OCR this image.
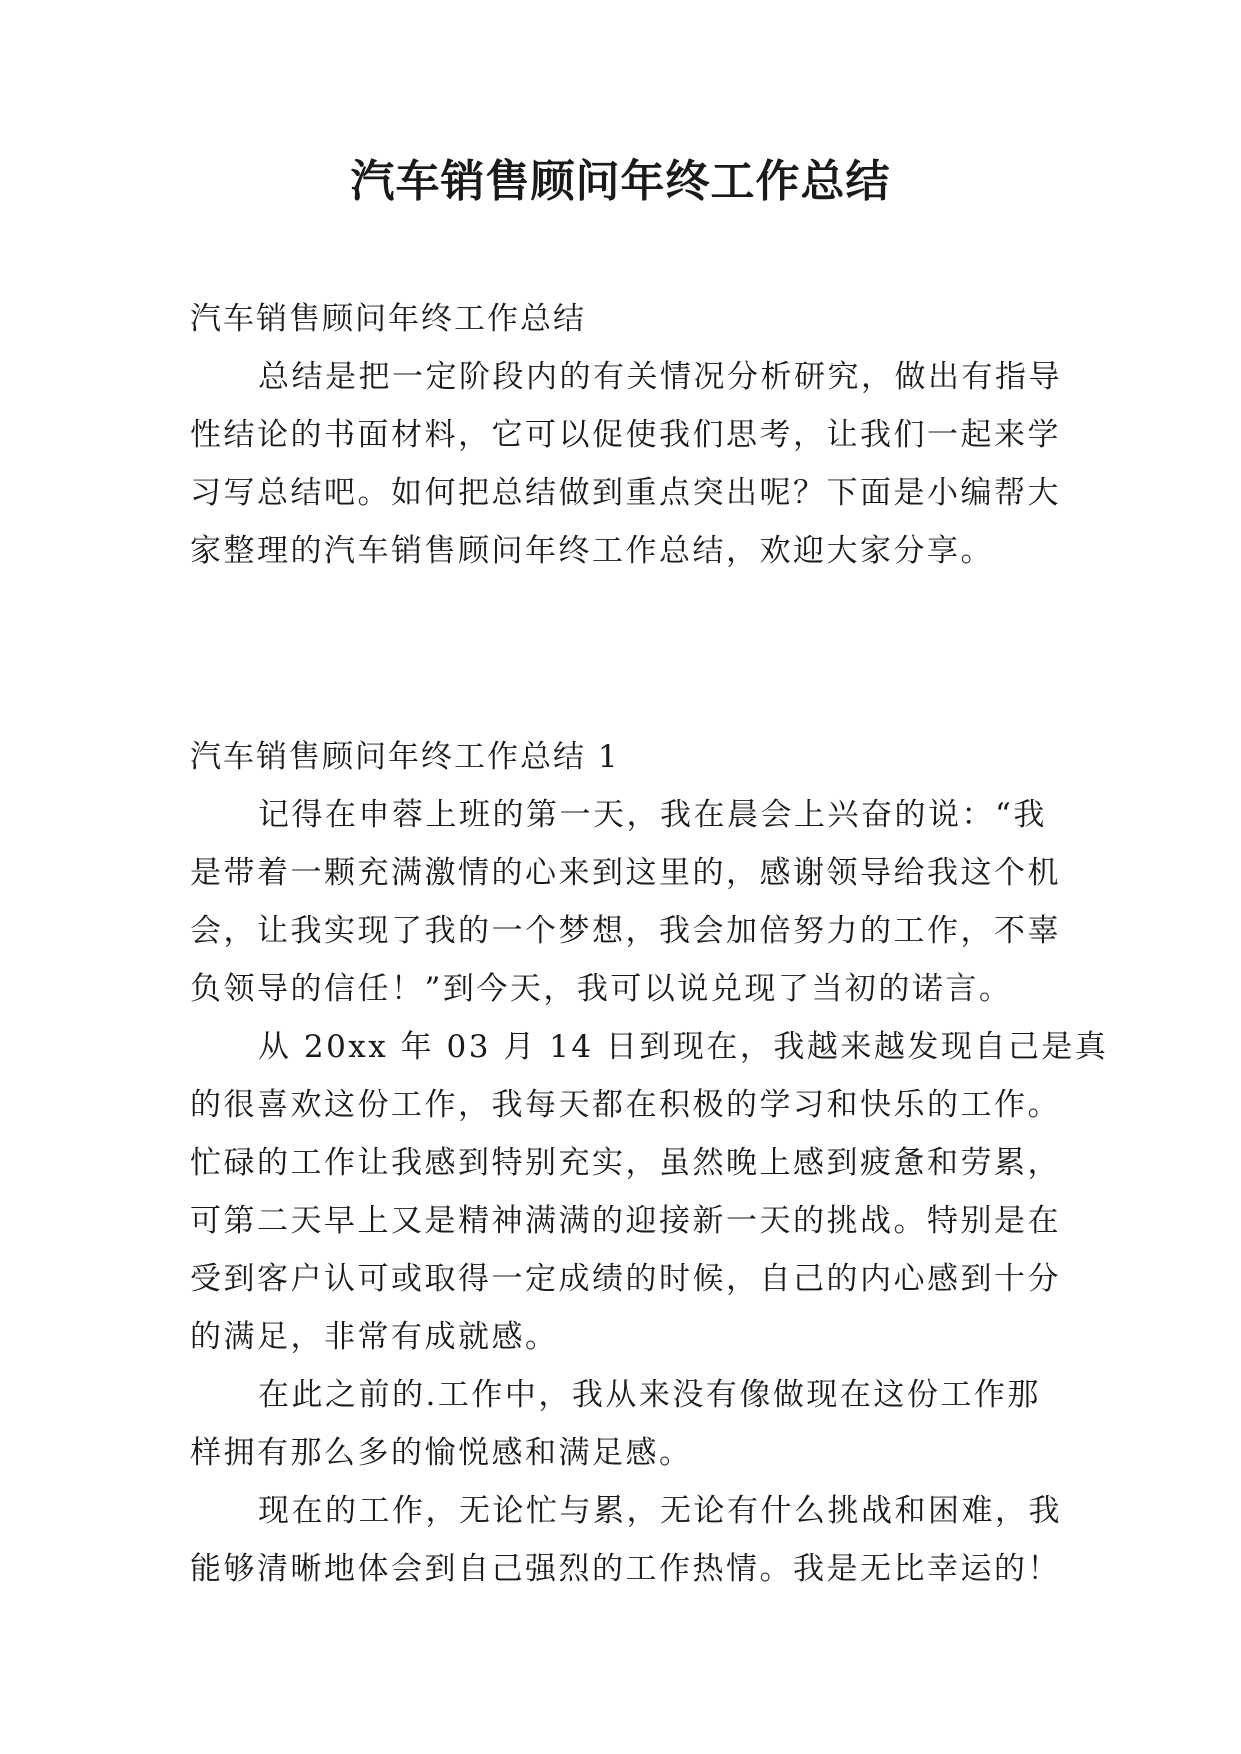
汽车销售顾问年终工作总结
汽车销售顾问年终工作总结
总结是把一定阶段内的有关情况分析研究，做出有指导
性结论的书面材料，它可以促使我们思考，让我们一起来学
习写总结吧。如何把总结做到重点突出呢？下面是小编帮大
家整理的汽车销售顾问年终工作总结，欢迎大家分享。
汽车销售顾问年终工作总结 1
记得在申蓉上班的第一天，我在晨会上兴奋的说：“我
是带着一颗充满激情的心来到这里的，感谢领导给我这个机
会，让我实现了我的一个梦想，我会加倍努力的工作，不辜
负领导的信任！”到今天，我可以说兑现了当初的诺言。
从 20xx 年 03 月 14 日到现在，我越来越发现自己是真
的很喜欢这份工作，我每天都在积极的学习和快乐的工作。
忙碌的工作让我感到特别充实，虽然晚上感到疲惫和劳累，
可第二天早上又是精神满满的迎接新一天的挑战。特别是在
受到客户认可或取得一定成绩的时候，自己的内心感到十分
的满足，非常有成就感。
在此之前的.工作中，我从来没有像做现在这份工作那
样拥有那么多的愉悦感和满足感。
现在的工作，无论忙与累，无论有什么挑战和困难，我
能够清晰地体会到自己强烈的工作热情。我是无比幸运的！
